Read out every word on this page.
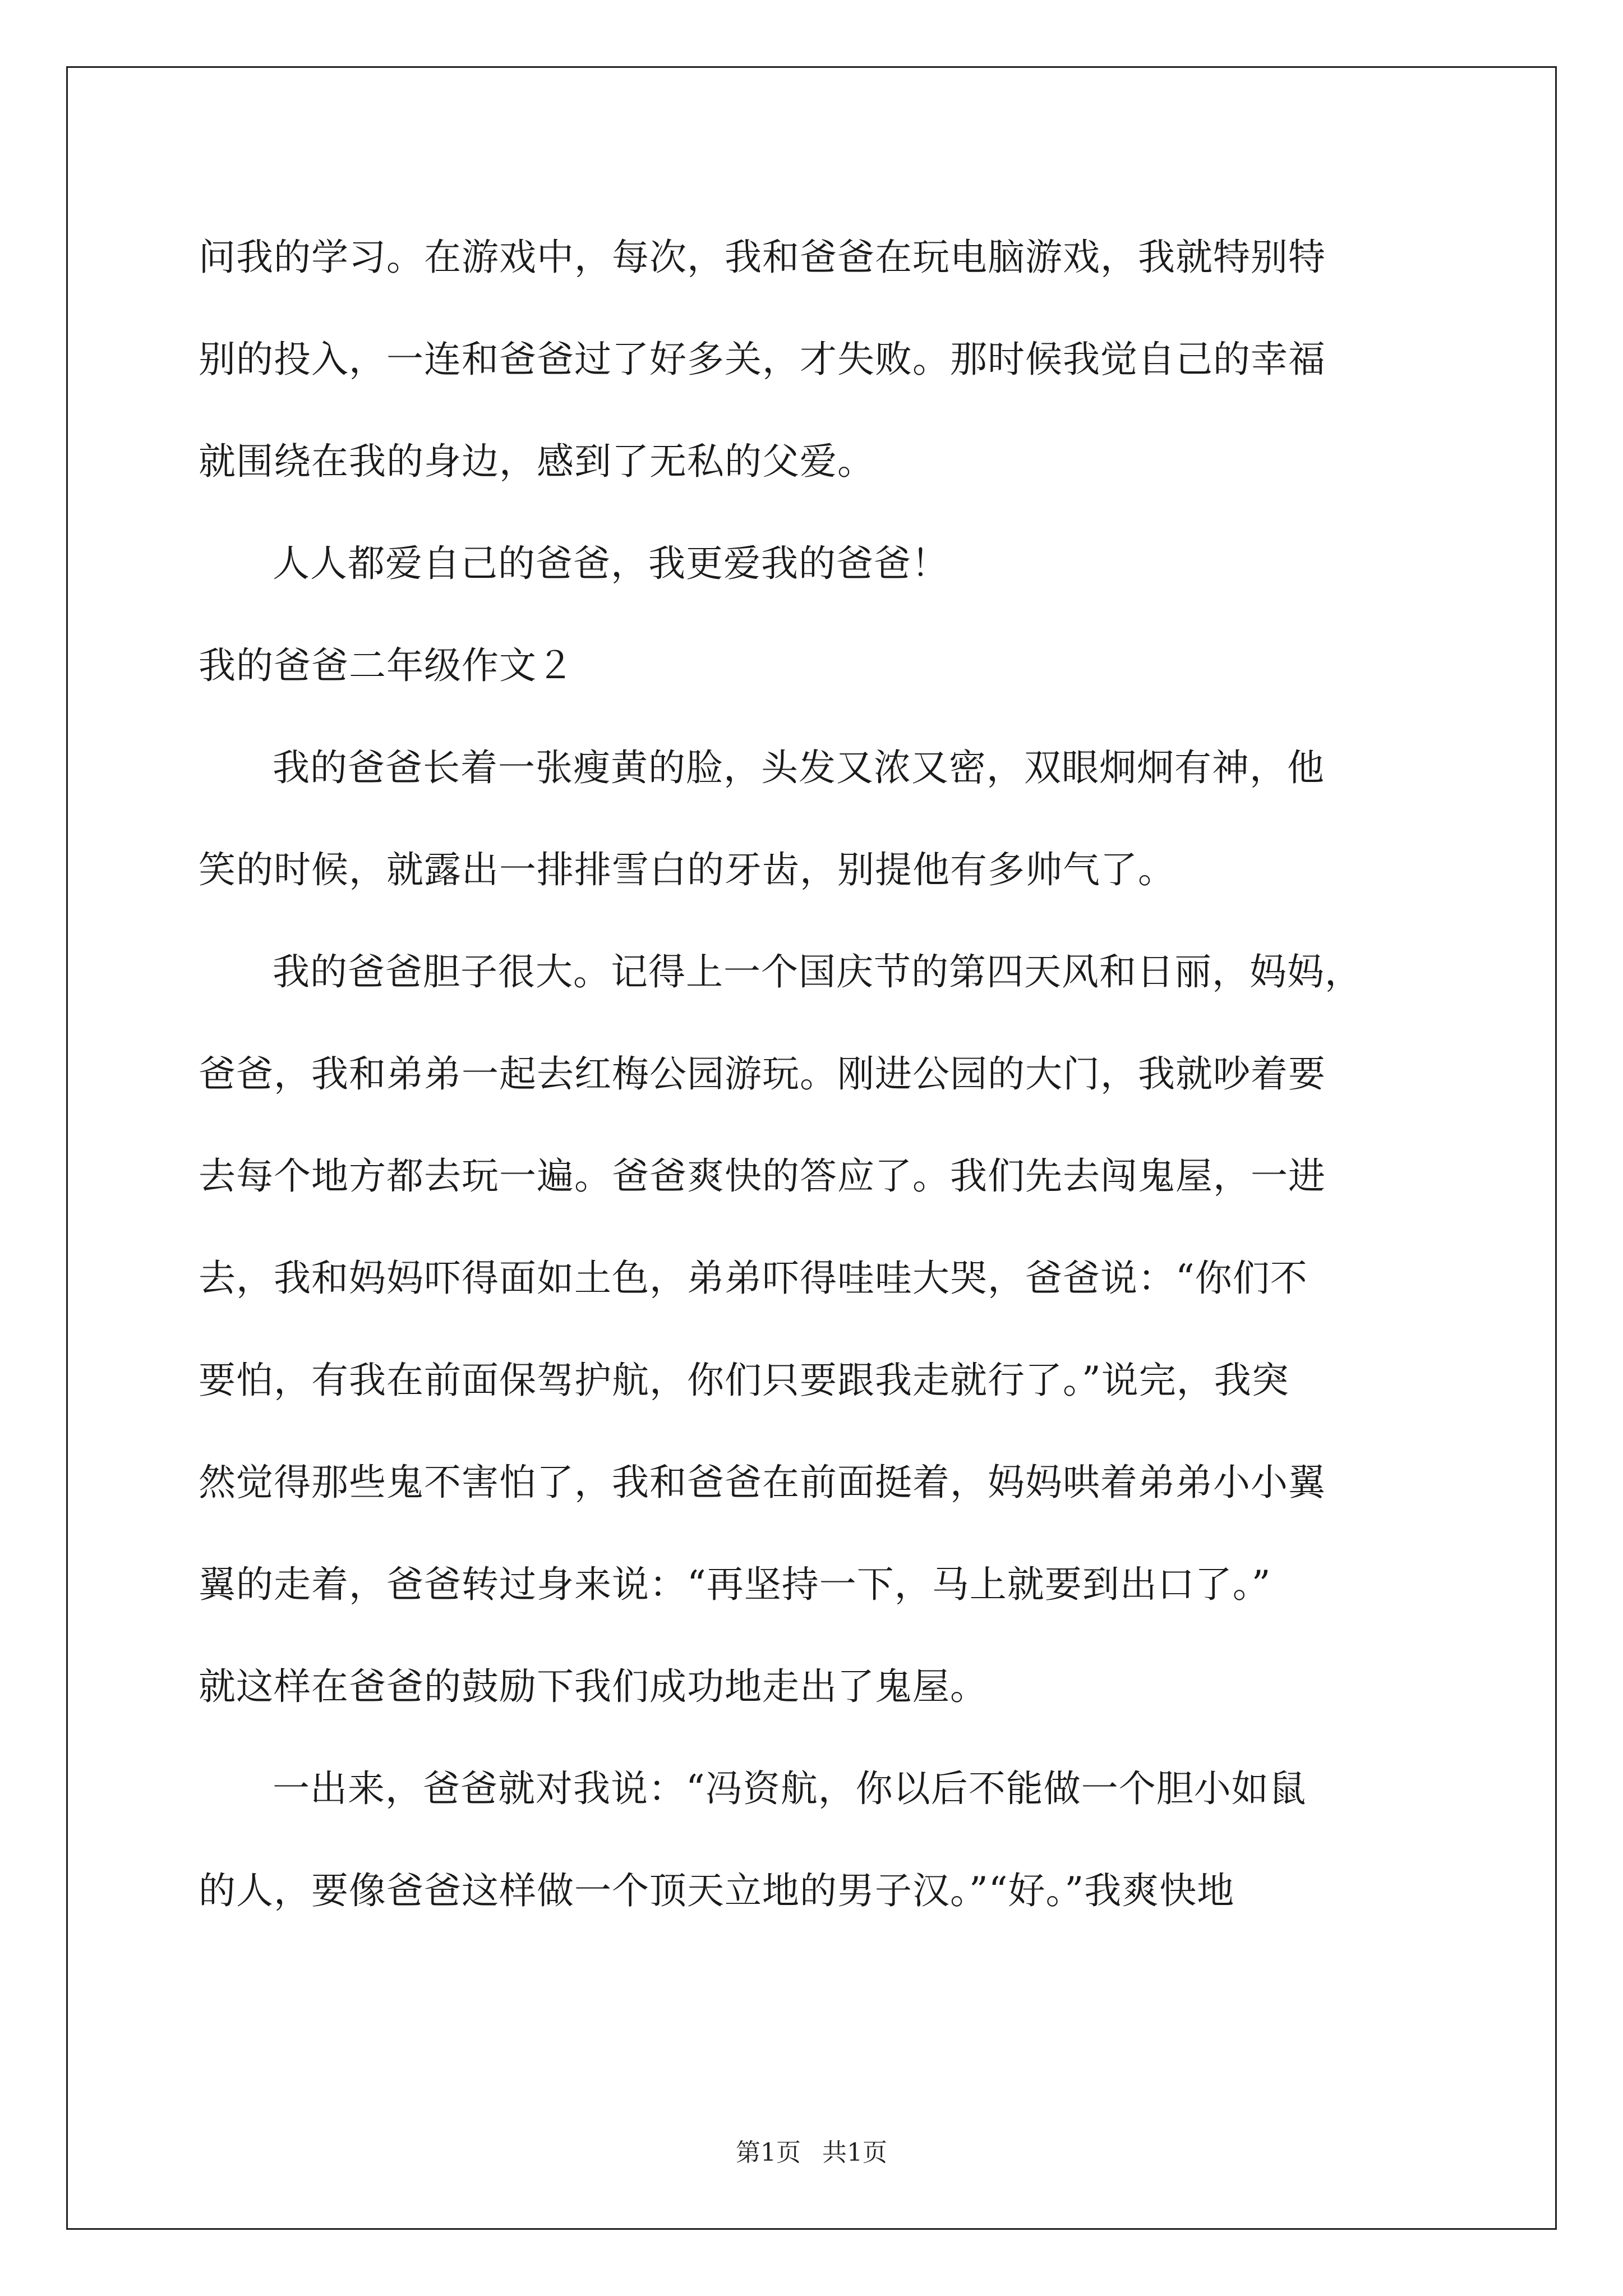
问我的学习。在游戏中，每次，我和爸爸在玩电脑游戏，我就特别特
别的投入，一连和爸爸过了好多关，才失败。那时候我觉自己的幸福
就围绕在我的身边，感到了无私的父爱。
人人都爱自己的爸爸，我更爱我的爸爸！
我的爸爸二年级作文２
我的爸爸长着一张瘦黄的脸，头发又浓又密，双眼炯炯有神，他
笑的时候，就露出一排排雪白的牙齿，别提他有多帅气了。
我的爸爸胆子很大。记得上一个国庆节的第四天风和日丽，妈妈，
爸爸，我和弟弟一起去红梅公园游玩。刚进公园的大门，我就吵着要
去每个地方都去玩一遍。爸爸爽快的答应了。我们先去闯鬼屋，一进
去，我和妈妈吓得面如土色，弟弟吓得哇哇大哭，爸爸说：“你们不
要怕，有我在前面保驾护航，你们只要跟我走就行了。”说完，我突
然觉得那些鬼不害怕了，我和爸爸在前面挺着，妈妈哄着弟弟小小翼
翼的走着，爸爸转过身来说：“再坚持一下，马上就要到出口了。”
就这样在爸爸的鼓励下我们成功地走出了鬼屋。
一出来，爸爸就对我说：“冯资航，你以后不能做一个胆小如鼠
的人，要像爸爸这样做一个顶天立地的男子汉。”“好。”我爽快地
第1页 共1页
